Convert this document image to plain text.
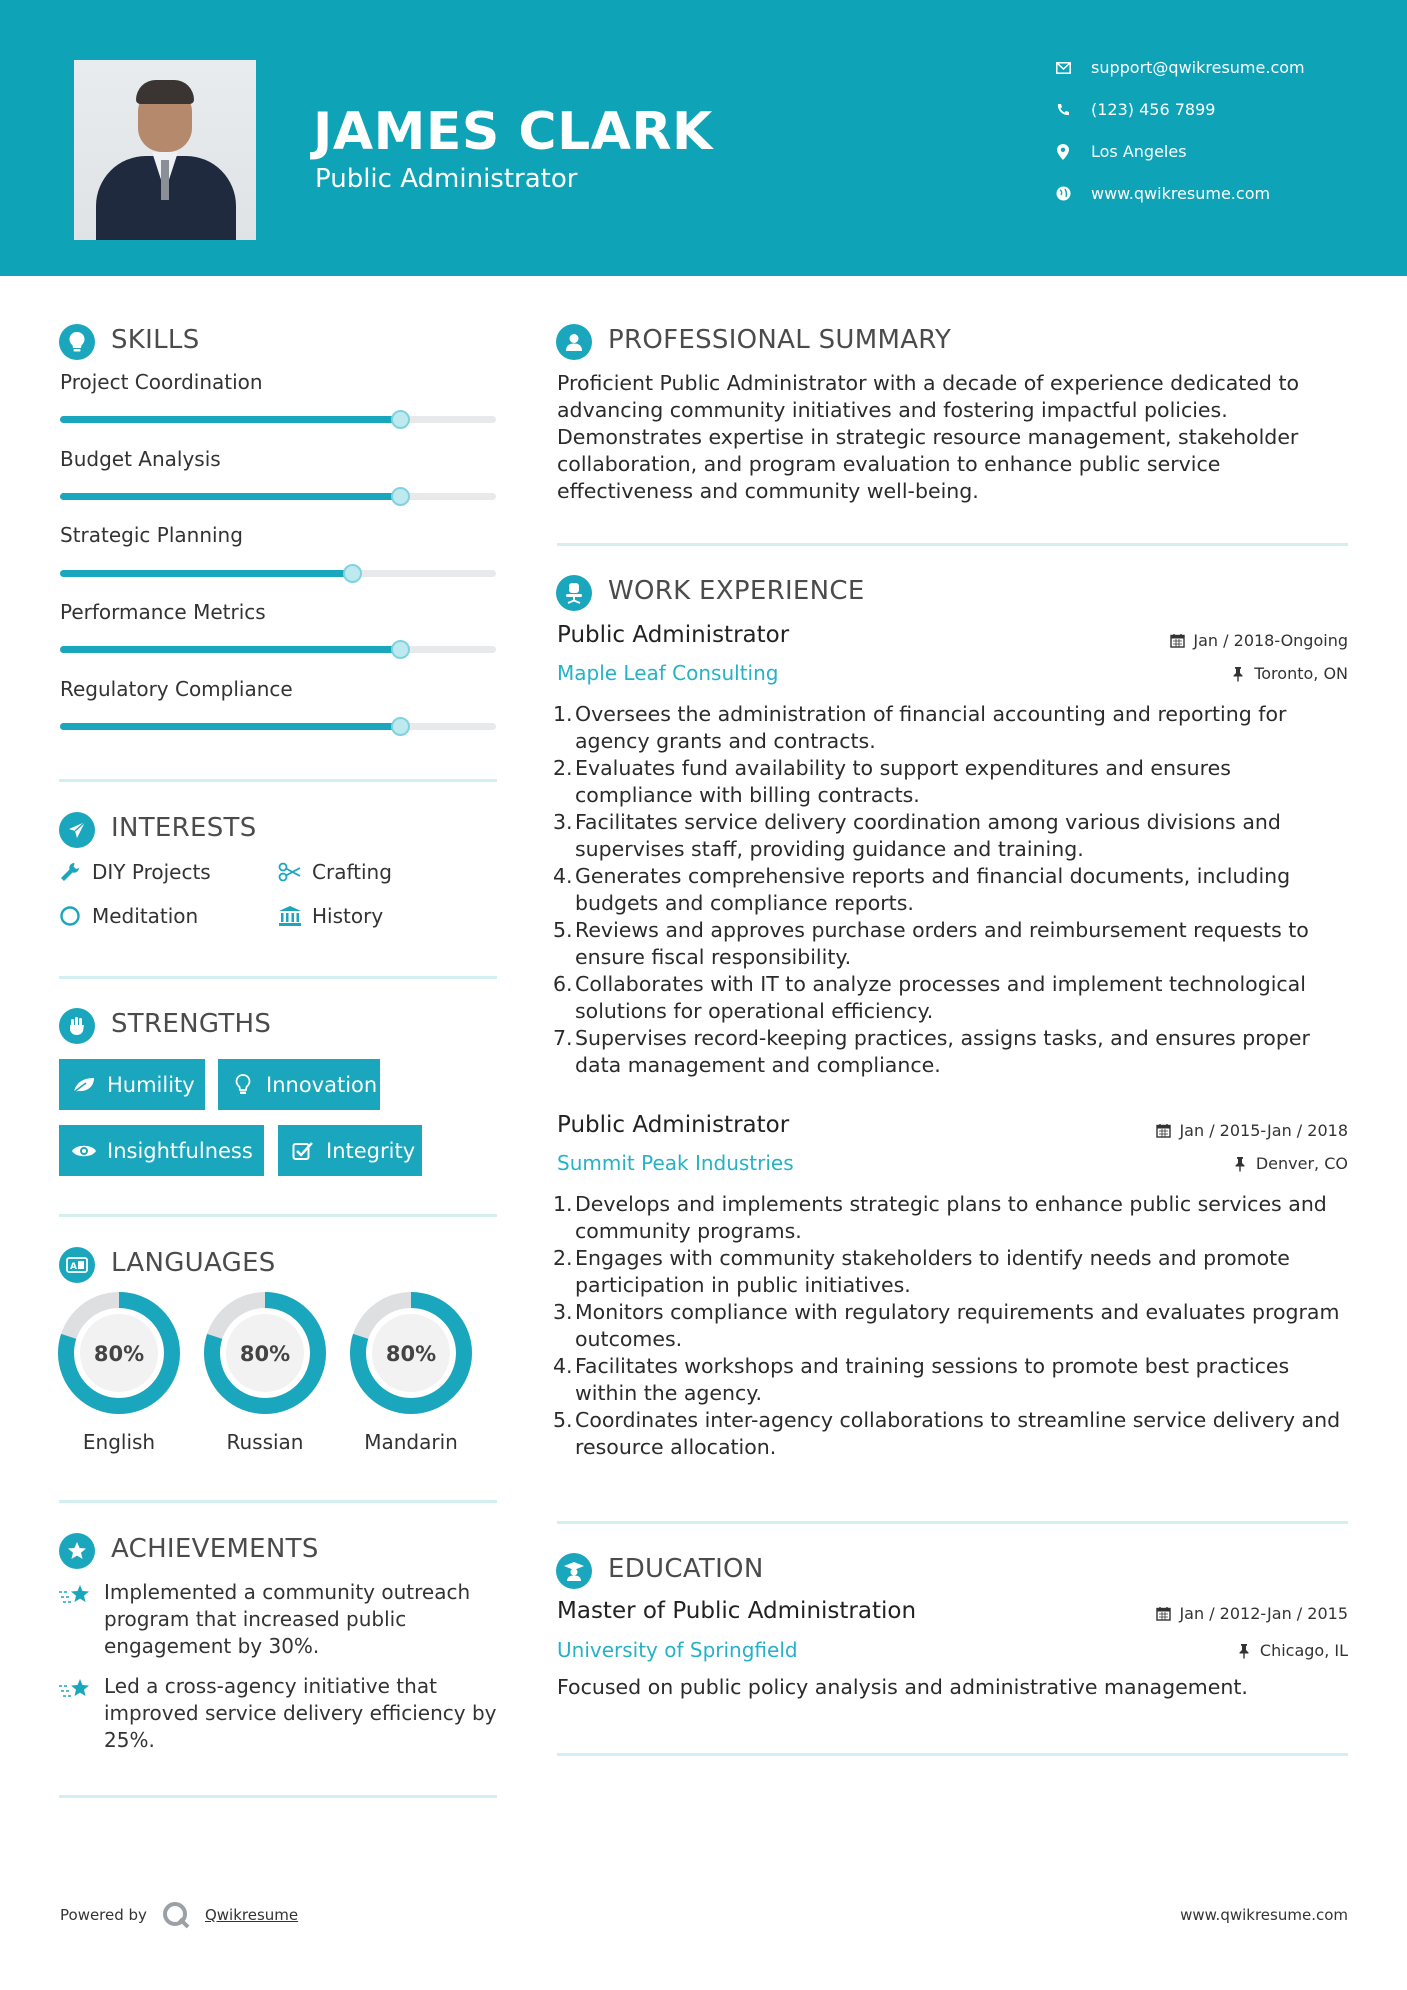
JAMES CLARK
Public Administrator
support@qwikresume.com
(123) 456 7899
Los Angeles
www.qwikresume.com
SKILLS
Project Coordination
Budget Analysis
Strategic Planning
Performance Metrics
Regulatory Compliance
INTERESTS
DIY Projects	Crafting
Meditation	History
STRENGTHS
Humility	Innovation
Insightfulness	Integrity
A LANGUAGES
80%	80%	80%
English	Russian	Mandarin
ACHIEVEMENTS
Implemented a community outreach program that increased public engagement by 30%.
Led a cross-agency initiative that improved service delivery efficiency by 25%.
PROFESSIONAL SUMMARY
Proficient Public Administrator with a decade of experience dedicated to advancing community initiatives and fostering impactful policies. Demonstrates expertise in strategic resource management, stakeholder collaboration, and program evaluation to enhance public service effectiveness and community well-being.
WORK EXPERIENCE
Public Administrator
Maple Leaf Consulting
Jan / 2018-Ongoing
Toronto, ON
1. Oversees the administration of financial accounting and reporting for agency grants and contracts.
2. Evaluates fund availability to support expenditures and ensures compliance with billing contracts.
3. Facilitates service delivery coordination among various divisions and supervises staff, providing guidance and training.
4. Generates comprehensive reports and financial documents, including budgets and compliance reports.
5. Reviews and approves purchase orders and reimbursement requests to ensure fiscal responsibility.
6. Collaborates with IT to analyze processes and implement technological solutions for operational efficiency.
7. Supervises record-keeping practices, assigns tasks, and ensures proper data management and compliance.
Public Administrator
Summit Peak Industries
Jan / 2015-Jan / 2018
Denver, CO
1. Develops and implements strategic plans to enhance public services and community programs.
2. Engages with community stakeholders to identify needs and promote participation in public initiatives.
3. Monitors compliance with regulatory requirements and evaluates program outcomes.
4. Facilitates workshops and training sessions to promote best practices within the agency.
5. Coordinates inter-agency collaborations to streamline service delivery and resource allocation.
EDUCATION
Master of Public Administration
University of Springfield
Jan / 2012-Jan / 2015
Chicago, IL
Focused on public policy analysis and administrative management.
Powered by	Qwikresume	www.qwikresume.com
